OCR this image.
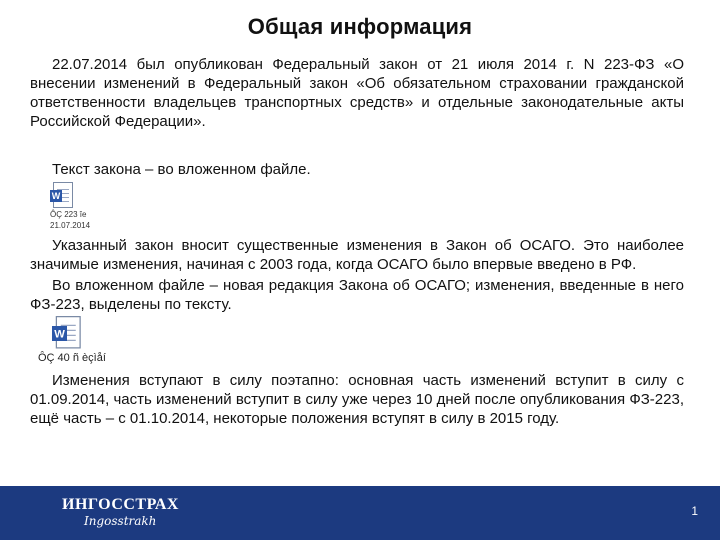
Общая информация
22.07.2014 был опубликован Федеральный закон от 21 июля 2014 г. N 223-ФЗ «О внесении изменений в Федеральный закон «Об обязательном страховании гражданской ответственности владельцев транспортных средств» и отдельные законодательные акты Российской Федерации».
Текст закона – во вложенном файле.
W
ÔÇ 223 îe
21.07.2014
Указанный закон вносит существенные изменения в Закон об ОСАГО. Это наиболее значимые изменения, начиная с 2003 года, когда ОСАГО было впервые введено в РФ.
Во вложенном файле – новая редакция Закона об ОСАГО; изменения, введенные в него ФЗ-223, выделены по тексту.
W
ÔÇ 40 ñ èçìåí
Изменения вступают в силу поэтапно: основная часть изменений вступит в силу с 01.09.2014, часть изменений вступит в силу уже через 10 дней после опубликования ФЗ-223, ещё часть – с 01.10.2014, некоторые положения вступят в силу в 2015 году.
ИНГОССТРАХ
Ingosstrakh
1
